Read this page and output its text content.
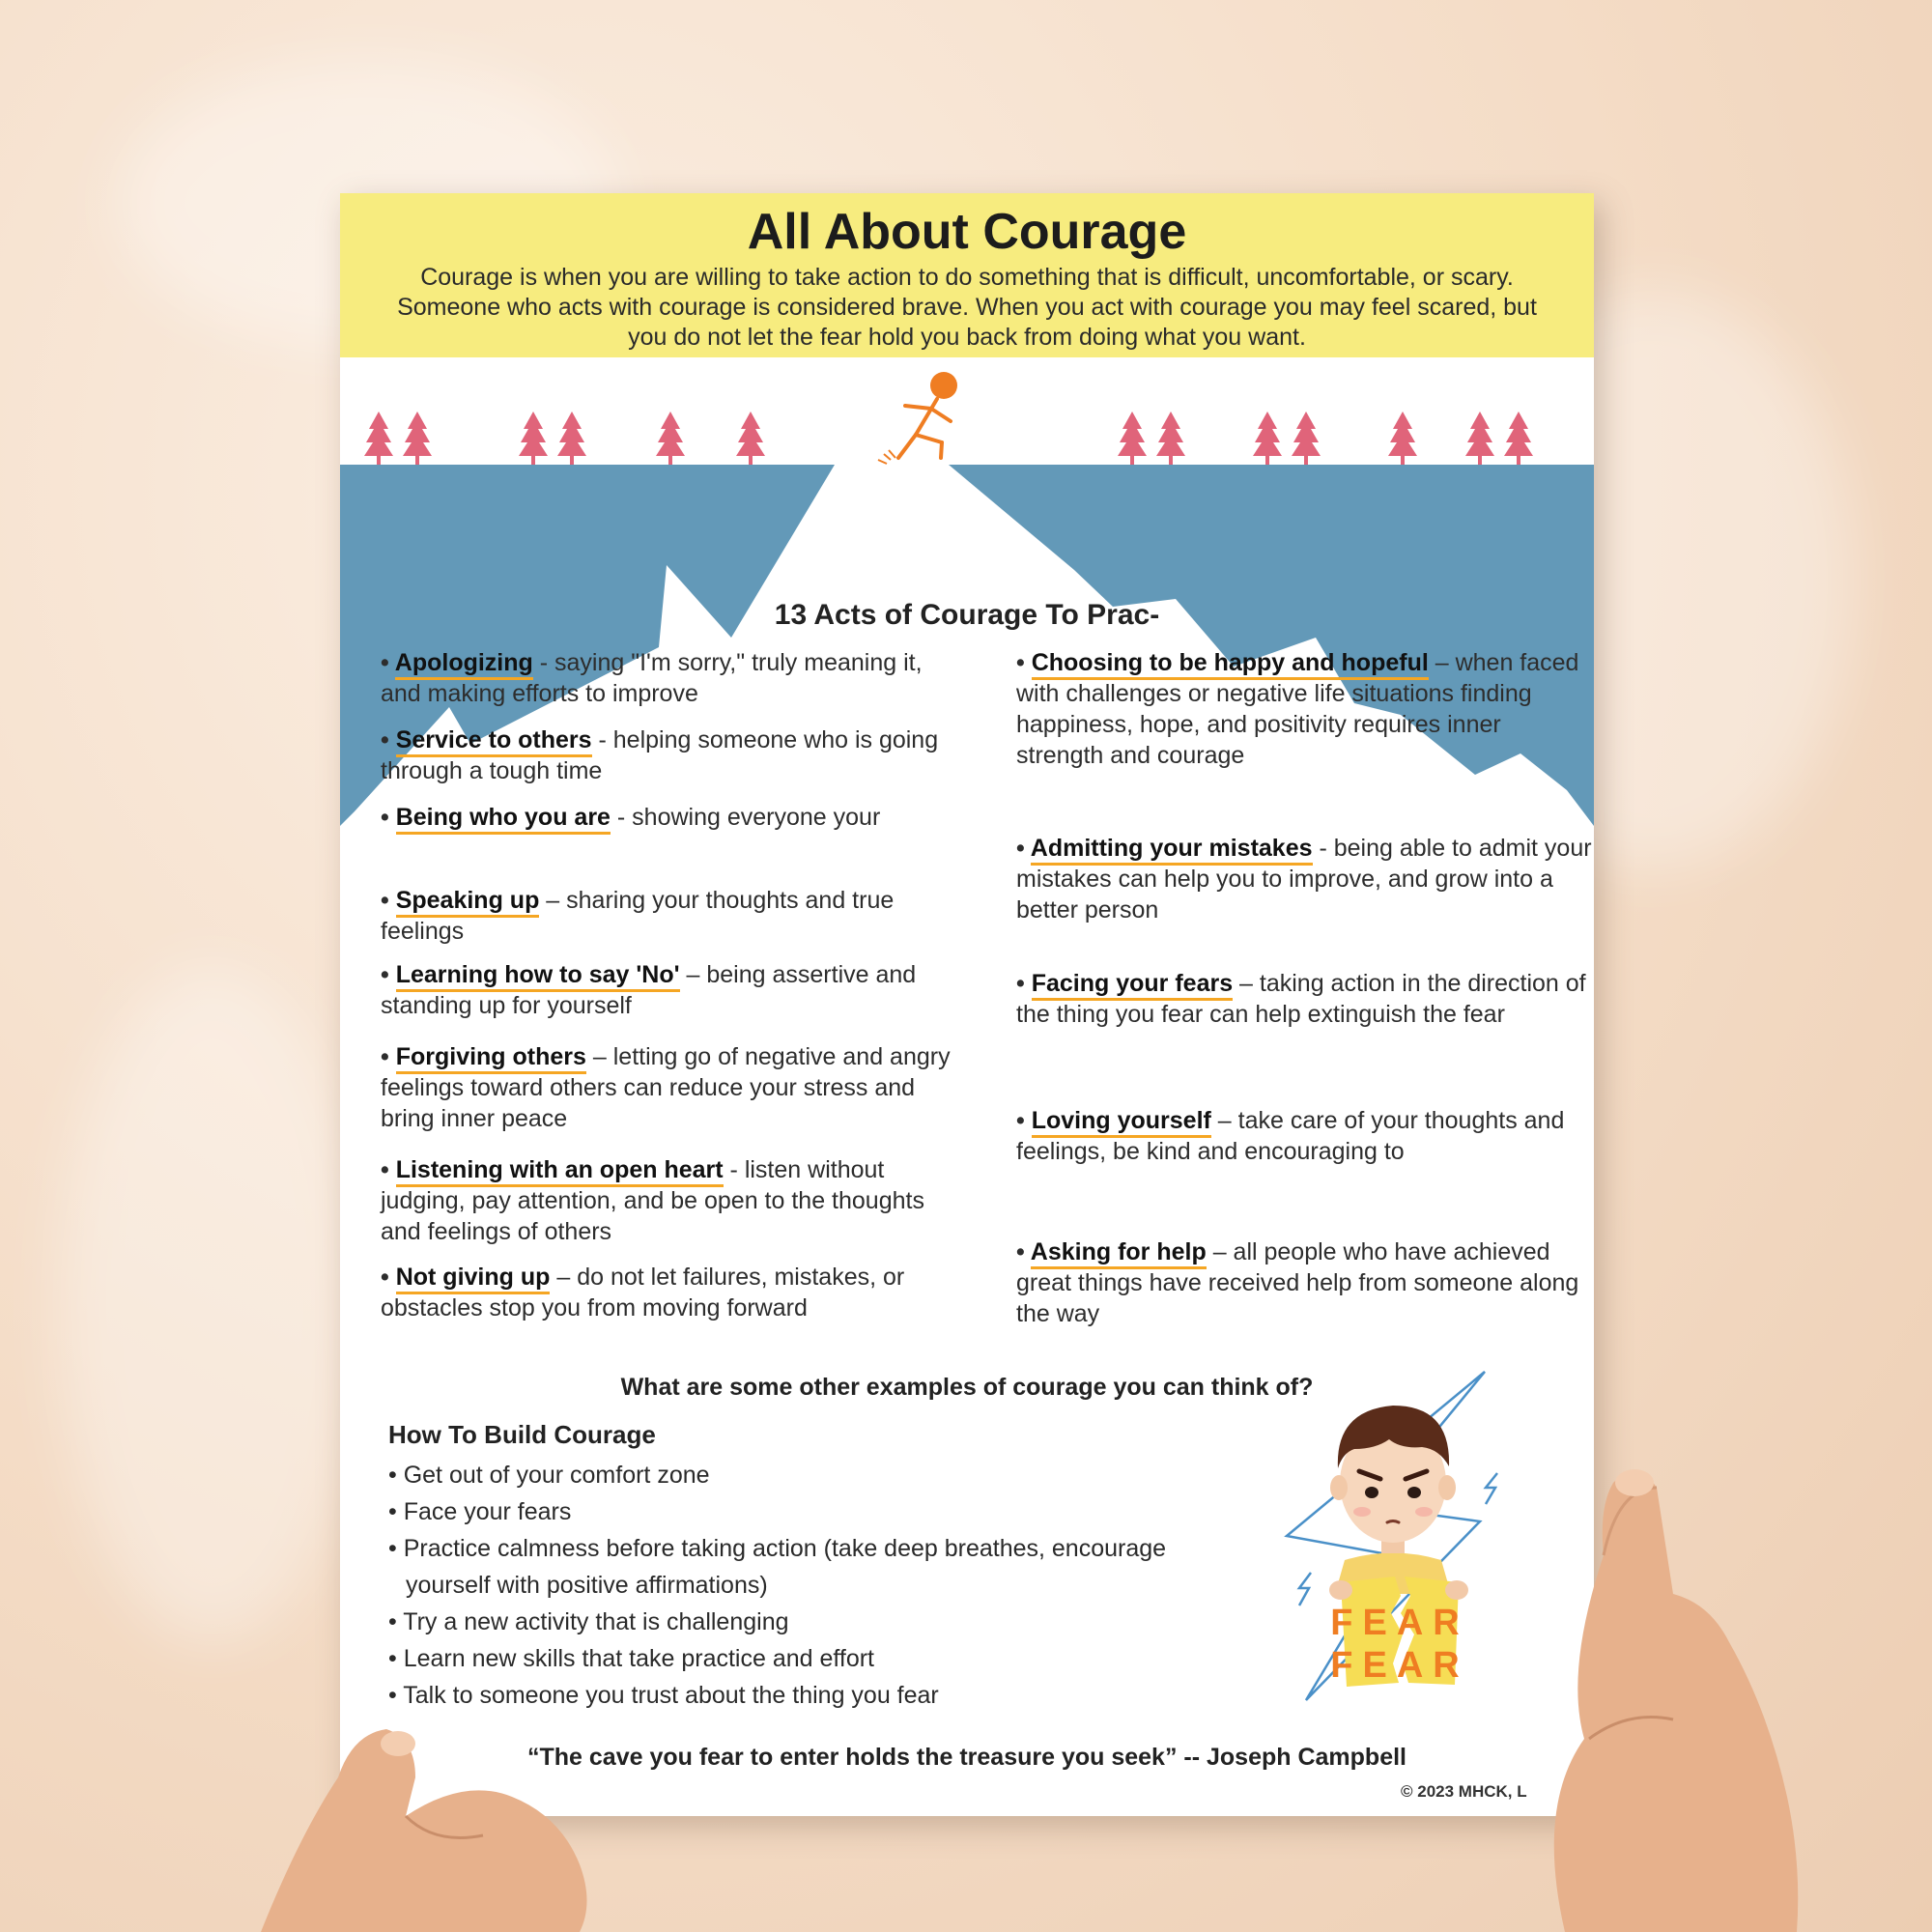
All About Courage

Courage is when you are willing to take action to do something that is difficult, uncomfortable, or scary. Someone who acts with courage is considered brave. When you act with courage you may feel scared, but you do not let the fear hold you back from doing what you want.

13 Acts of Courage To Prac-
• Apologizing - saying "I'm sorry," truly meaning it, and making efforts to improve
• Service to others - helping someone who is going through a tough time
• Being who you are - showing everyone your
• Speaking up – sharing your thoughts and true feelings
• Learning how to say 'No' – being assertive and standing up for yourself
• Forgiving others – letting go of negative and angry feelings toward others can reduce your stress and bring inner peace
• Listening with an open heart - listen without judging, pay attention, and be open to the thoughts and feelings of others
• Not giving up – do not let failures, mistakes, or obstacles stop you from moving forward
• Choosing to be happy and hopeful – when faced with challenges or negative life situations finding happiness, hope, and positivity requires inner strength and courage
• Admitting your mistakes - being able to admit your mistakes can help you to improve, and grow into a better person
• Facing your fears – taking action in the direction of the thing you fear can help extinguish the fear
• Loving yourself – take care of your thoughts and feelings, be kind and encouraging to
• Asking for help – all people who have achieved great things have received help from someone along the way

What are some other examples of courage you can think of?

How To Build Courage
• Get out of your comfort zone
• Face your fears
• Practice calmness before taking action (take deep breathes, encourage yourself with positive affirmations)
• Try a new activity that is challenging
• Learn new skills that take practice and effort
• Talk to someone you trust about the thing you fear
FEAR
FEAR

“The cave you fear to enter holds the treasure you seek” -- Joseph Campbell

© 2023 MHCK, L
